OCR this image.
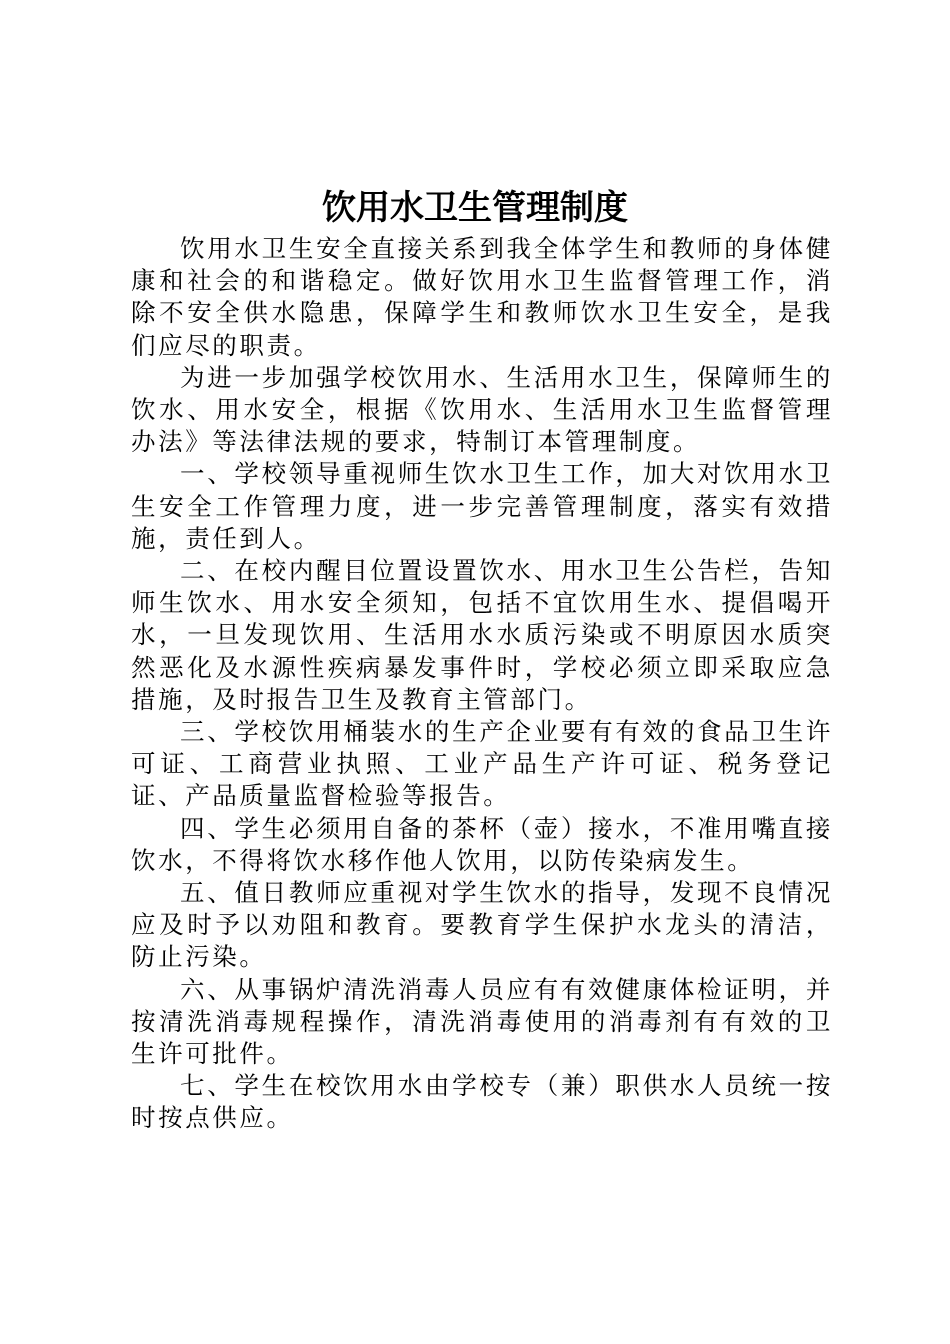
饮用水卫生管理制度

饮用水卫生安全直接关系到我全体学生和教师的身体健康和社会的和谐稳定。做好饮用水卫生监督管理工作，消除不安全供水隐患，保障学生和教师饮水卫生安全，是我们应尽的职责。

为进一步加强学校饮用水、生活用水卫生，保障师生的饮水、用水安全，根据《饮用水、生活用水卫生监督管理办法》等法律法规的要求，特制订本管理制度。

一、学校领导重视师生饮水卫生工作，加大对饮用水卫生安全工作管理力度，进一步完善管理制度，落实有效措施，责任到人。

二、在校内醒目位置设置饮水、用水卫生公告栏，告知师生饮水、用水安全须知，包括不宜饮用生水、提倡喝开水，一旦发现饮用、生活用水水质污染或不明原因水质突然恶化及水源性疾病暴发事件时，学校必须立即采取应急措施，及时报告卫生及教育主管部门。

三、学校饮用桶装水的生产企业要有有效的食品卫生许可证、工商营业执照、工业产品生产许可证、税务登记证、产品质量监督检验等报告。

四、学生必须用自备的茶杯（壶）接水，不准用嘴直接饮水，不得将饮水移作他人饮用，以防传染病发生。

五、值日教师应重视对学生饮水的指导，发现不良情况应及时予以劝阻和教育。要教育学生保护水龙头的清洁，防止污染。

六、从事锅炉清洗消毒人员应有有效健康体检证明，并按清洗消毒规程操作，清洗消毒使用的消毒剂有有效的卫生许可批件。

七、学生在校饮用水由学校专（兼）职供水人员统一按时按点供应。
